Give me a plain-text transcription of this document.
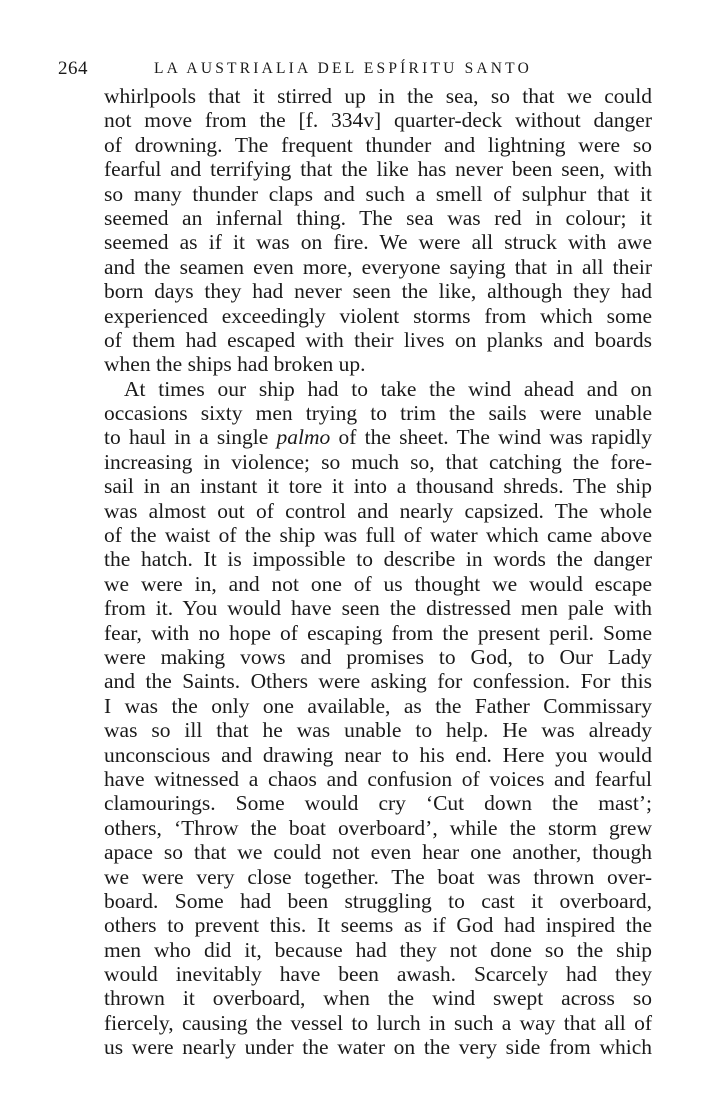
264	LA AUSTRIALIA DEL ESPÍRITU SANTO
whirlpools that it stirred up in the sea, so that we could
not move from the [f. 334v] quarter-deck without danger
of drowning. The frequent thunder and lightning were so
fearful and terrifying that the like has never been seen, with
so many thunder claps and such a smell of sulphur that it
seemed an infernal thing. The sea was red in colour; it
seemed as if it was on fire. We were all struck with awe
and the seamen even more, everyone saying that in all their
born days they had never seen the like, although they had
experienced exceedingly violent storms from which some
of them had escaped with their lives on planks and boards
when the ships had broken up.
At times our ship had to take the wind ahead and on
occasions sixty men trying to trim the sails were unable
to haul in a single palmo of the sheet. The wind was rapidly
increasing in violence; so much so, that catching the fore-
sail in an instant it tore it into a thousand shreds. The ship
was almost out of control and nearly capsized. The whole
of the waist of the ship was full of water which came above
the hatch. It is impossible to describe in words the danger
we were in, and not one of us thought we would escape
from it. You would have seen the distressed men pale with
fear, with no hope of escaping from the present peril. Some
were making vows and promises to God, to Our Lady
and the Saints. Others were asking for confession. For this
I was the only one available, as the Father Commissary
was so ill that he was unable to help. He was already
unconscious and drawing near to his end. Here you would
have witnessed a chaos and confusion of voices and fearful
clamourings. Some would cry ‘Cut down the mast’;
others, ‘Throw the boat overboard’, while the storm grew
apace so that we could not even hear one another, though
we were very close together. The boat was thrown over-
board. Some had been struggling to cast it overboard,
others to prevent this. It seems as if God had inspired the
men who did it, because had they not done so the ship
would inevitably have been awash. Scarcely had they
thrown it overboard, when the wind swept across so
fiercely, causing the vessel to lurch in such a way that all of
us were nearly under the water on the very side from which
